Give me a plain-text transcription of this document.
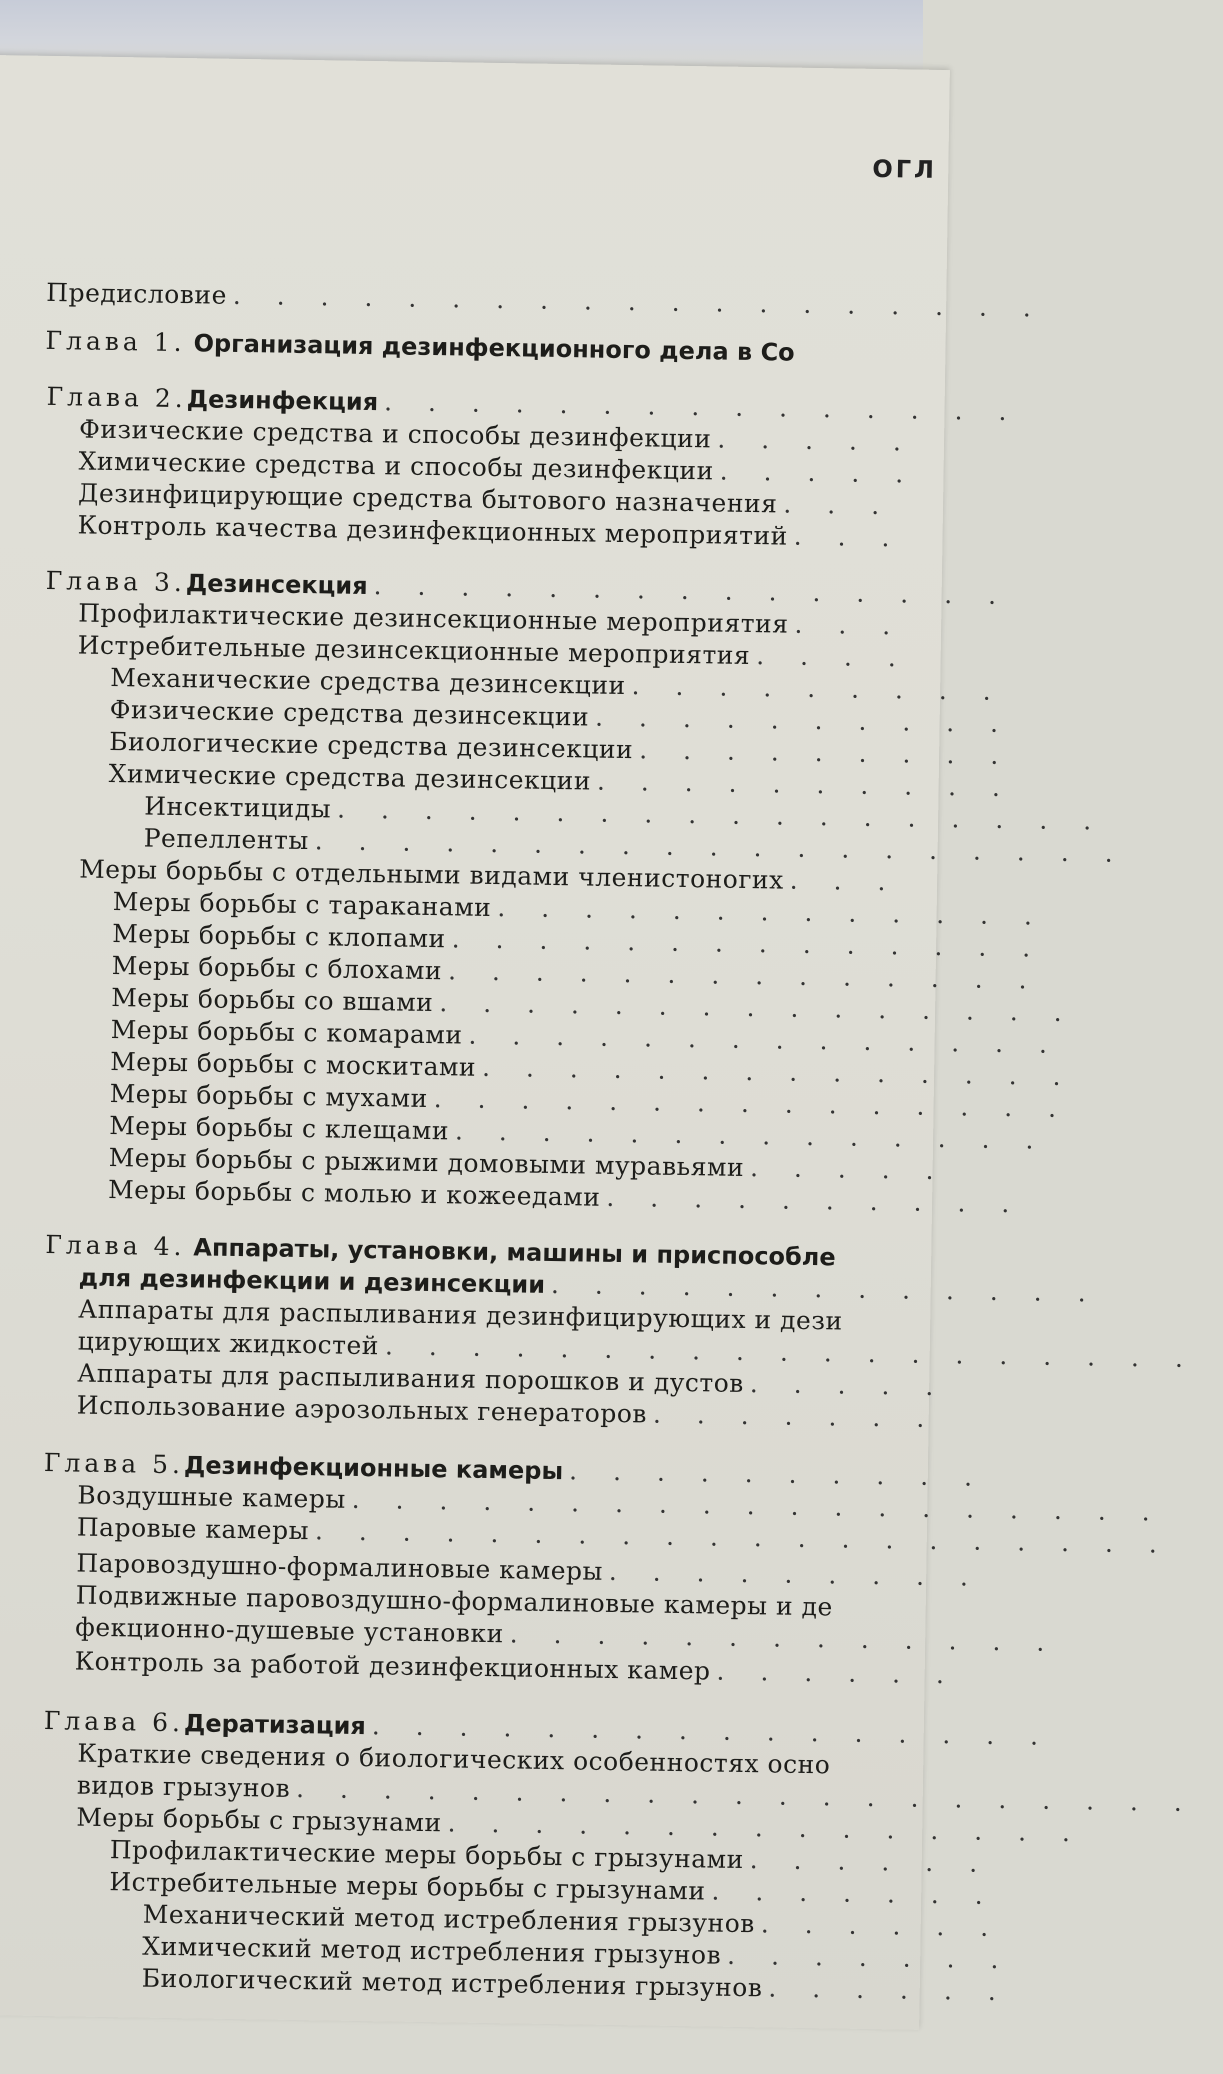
ОГЛ
Предисловие . . . . . . . . . . . . . . . . . . .
Глава 1. Организация дезинфекционного дела в Со
Глава 2.Дезинфекция . . . . . . . . . . . . . . .
Физические средства и способы дезинфекции . . . . .
Химические средства и способы дезинфекции . . . . .
Дезинфицирующие средства бытового назначения . . .
Контроль качества дезинфекционных мероприятий . . .
Глава 3.Дезинсекция . . . . . . . . . . . . . . .
Профилактические дезинсекционные мероприятия . . .
Истребительные дезинсекционные мероприятия . . . .
Механические средства дезинсекции . . . . . . . . .
Физические средства дезинсекции . . . . . . . . . .
Биологические средства дезинсекции . . . . . . . . .
Химические средства дезинсекции . . . . . . . . . .
Инсектициды . . . . . . . . . . . . . . . . . .
Репелленты . . . . . . . . . . . . . . . . . . .
Меры борьбы с отдельными видами членистоногих . . .
Меры борьбы с тараканами . . . . . . . . . . . . .
Меры борьбы с клопами . . . . . . . . . . . . . .
Меры борьбы с блохами . . . . . . . . . . . . . .
Меры борьбы со вшами . . . . . . . . . . . . . . .
Меры борьбы с комарами . . . . . . . . . . . . . .
Меры борьбы с москитами . . . . . . . . . . . . . .
Меры борьбы с мухами . . . . . . . . . . . . . . .
Меры борьбы с клещами . . . . . . . . . . . . . .
Меры борьбы с рыжими домовыми муравьями . . . . .
Меры борьбы с молью и кожеедами . . . . . . . . . .
Глава 4. Аппараты, установки, машины и приспособле
для дезинфекции и дезинсекции . . . . . . . . . . . . .
Аппараты для распыливания дезинфицирующих и дези
цирующих жидкостей . . . . . . . . . . . . . . . . . . .
Аппараты для распыливания порошков и дустов . . . . .
Использование аэрозольных генераторов . . . . . . .
Глава 5.Дезинфекционные камеры . . . . . . . . . .
Воздушные камеры . . . . . . . . . . . . . . . . . . .
Паровые камеры . . . . . . . . . . . . . . . . . . . .
Паровоздушно-формалиновые камеры . . . . . . . . .
Подвижные паровоздушно-формалиновые камеры и де
фекционно-душевые установки . . . . . . . . . . . . .
Контроль за работой дезинфекционных камер . . . . . .
Глава 6.Дератизация . . . . . . . . . . . . . . . .
Краткие сведения о биологических особенностях осно
видов грызунов . . . . . . . . . . . . . . . . . . . . .
Меры борьбы с грызунами . . . . . . . . . . . . . . .
Профилактические меры борьбы с грызунами . . . . . .
Истребительные меры борьбы с грызунами . . . . . . .
Механический метод истребления грызунов . . . . . .
Химический метод истребления грызунов . . . . . . .
Биологический метод истребления грызунов . . . . . .
